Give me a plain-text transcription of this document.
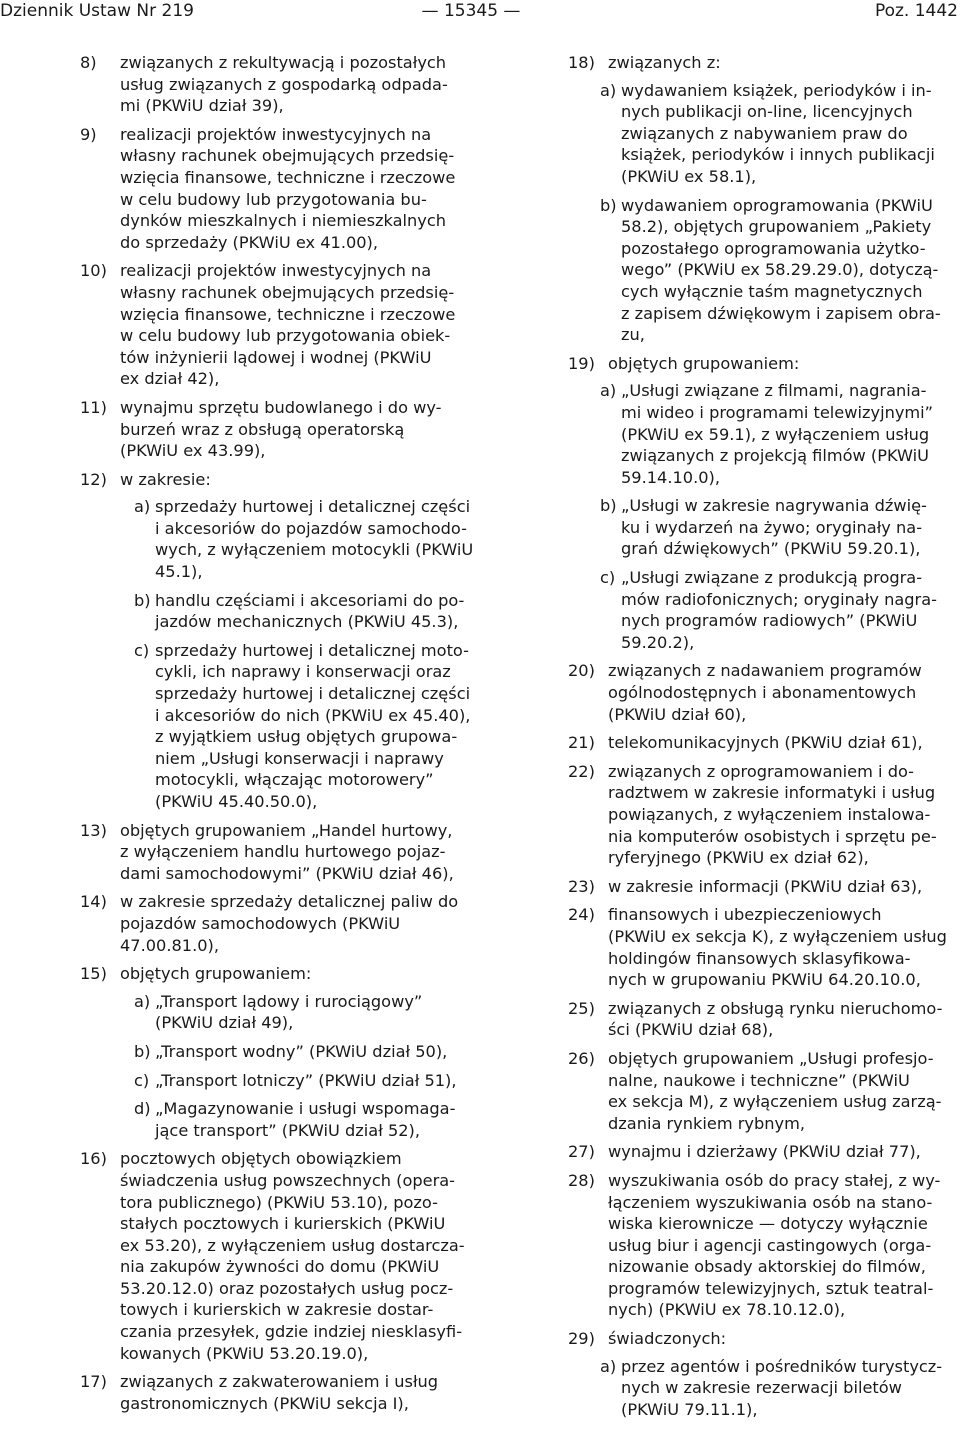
Dziennik Ustaw Nr 219	— 15345 —	Poz. 1442
8) związanych z rekultywacją i pozostałych
usług związanych z gospodarką odpada-
mi (PKWiU dział 39),
9) realizacji projektów inwestycyjnych na
własny rachunek obejmujących przedsię-
wzięcia finansowe, techniczne i rzeczowe
w celu budowy lub przygotowania bu-
dynków mieszkalnych i niemieszkalnych
do sprzedaży (PKWiU ex 41.00),
10) realizacji projektów inwestycyjnych na
własny rachunek obejmujących przedsię-
wzięcia finansowe, techniczne i rzeczowe
w celu budowy lub przygotowania obiek-
tów inżynierii lądowej i wodnej (PKWiU
ex dział 42),
11) wynajmu sprzętu budowlanego i do wy-
burzeń wraz z obsługą operatorską
(PKWiU ex 43.99),
12) w zakresie:
a) sprzedaży hurtowej i detalicznej części
i akcesoriów do pojazdów samochodo-
wych, z wyłączeniem motocykli (PKWiU
45.1),
b) handlu częściami i akcesoriami do po-
jazdów mechanicznych (PKWiU 45.3),
c) sprzedaży hurtowej i detalicznej moto-
cykli, ich naprawy i konserwacji oraz
sprzedaży hurtowej i detalicznej części
i akcesoriów do nich (PKWiU ex 45.40),
z wyjątkiem usług objętych grupowa-
niem „Usługi konserwacji i naprawy
motocykli, włączając motorowery”
(PKWiU 45.40.50.0),
13) objętych grupowaniem „Handel hurtowy,
z wyłączeniem handlu hurtowego pojaz-
dami samochodowymi” (PKWiU dział 46),
14) w zakresie sprzedaży detalicznej paliw do
pojazdów samochodowych (PKWiU
47.00.81.0),
15) objętych grupowaniem:
a) „Transport lądowy i rurociągowy”
(PKWiU dział 49),
b) „Transport wodny” (PKWiU dział 50),
c) „Transport lotniczy” (PKWiU dział 51),
d) „Magazynowanie i usługi wspomaga-
jące transport” (PKWiU dział 52),
16) pocztowych objętych obowiązkiem
świadczenia usług powszechnych (opera-
tora publicznego) (PKWiU 53.10), pozo-
stałych pocztowych i kurierskich (PKWiU
ex 53.20), z wyłączeniem usług dostarcza-
nia zakupów żywności do domu (PKWiU
53.20.12.0) oraz pozostałych usług pocz-
towych i kurierskich w zakresie dostar-
czania przesyłek, gdzie indziej niesklasyfi-
kowanych (PKWiU 53.20.19.0),
17) związanych z zakwaterowaniem i usług
gastronomicznych (PKWiU sekcja I),
18) związanych z:
a) wydawaniem książek, periodyków i in-
nych publikacji on-line, licencyjnych
związanych z nabywaniem praw do
książek, periodyków i innych publikacji
(PKWiU ex 58.1),
b) wydawaniem oprogramowania (PKWiU
58.2), objętych grupowaniem „Pakiety
pozostałego oprogramowania użytko-
wego” (PKWiU ex 58.29.29.0), dotyczą-
cych wyłącznie taśm magnetycznych
z zapisem dźwiękowym i zapisem obra-
zu,
19) objętych grupowaniem:
a) „Usługi związane z filmami, nagrania-
mi wideo i programami telewizyjnymi”
(PKWiU ex 59.1), z wyłączeniem usług
związanych z projekcją filmów (PKWiU
59.14.10.0),
b) „Usługi w zakresie nagrywania dźwię-
ku i wydarzeń na żywo; oryginały na-
grań dźwiękowych” (PKWiU 59.20.1),
c) „Usługi związane z produkcją progra-
mów radiofonicznych; oryginały nagra-
nych programów radiowych” (PKWiU
59.20.2),
20) związanych z nadawaniem programów
ogólnodostępnych i abonamentowych
(PKWiU dział 60),
21) telekomunikacyjnych (PKWiU dział 61),
22) związanych z oprogramowaniem i do-
radztwem w zakresie informatyki i usług
powiązanych, z wyłączeniem instalowa-
nia komputerów osobistych i sprzętu pe-
ryferyjnego (PKWiU ex dział 62),
23) w zakresie informacji (PKWiU dział 63),
24) finansowych i ubezpieczeniowych
(PKWiU ex sekcja K), z wyłączeniem usług
holdingów finansowych sklasyfikowa-
nych w grupowaniu PKWiU 64.20.10.0,
25) związanych z obsługą rynku nieruchomo-
ści (PKWiU dział 68),
26) objętych grupowaniem „Usługi profesjo-
nalne, naukowe i techniczne” (PKWiU
ex sekcja M), z wyłączeniem usług zarzą-
dzania rynkiem rybnym,
27) wynajmu i dzierżawy (PKWiU dział 77),
28) wyszukiwania osób do pracy stałej, z wy-
łączeniem wyszukiwania osób na stano-
wiska kierownicze — dotyczy wyłącznie
usług biur i agencji castingowych (orga-
nizowanie obsady aktorskiej do filmów,
programów telewizyjnych, sztuk teatral-
nych) (PKWiU ex 78.10.12.0),
29) świadczonych:
a) przez agentów i pośredników turystycz-
nych w zakresie rezerwacji biletów
(PKWiU 79.11.1),
